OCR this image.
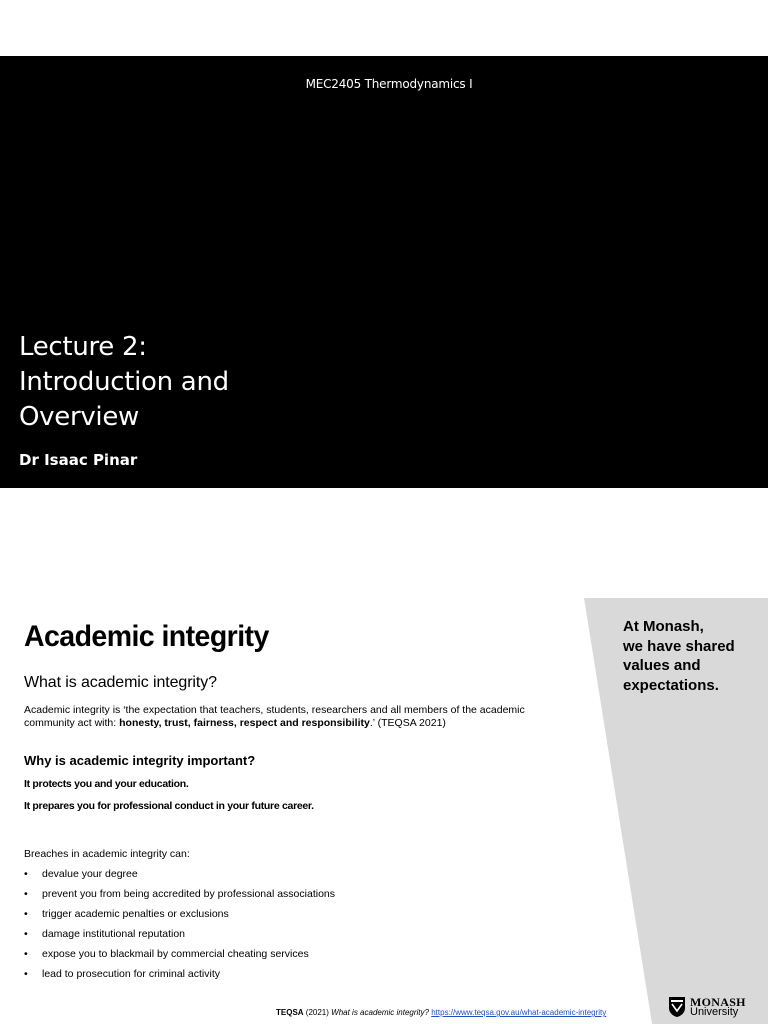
MEC2405 Thermodynamics I
Lecture 2:
Introduction and
Overview
Dr Isaac Pinar
At Monash,
we have shared
values and
expectations.
Academic integrity
What is academic integrity?

Academic integrity is ‘the expectation that teachers, students, researchers and all members of the academic community act with: honesty, trust, fairness, respect and responsibility.’ (TEQSA 2021)

Why is academic integrity important?

It protects you and your education.

It prepares you for professional conduct in your future career.

Breaches in academic integrity can:

• devalue your degree
• prevent you from being accredited by professional associations
• trigger academic penalties or exclusions
• damage institutional reputation
• expose you to blackmail by commercial cheating services
• lead to prosecution for criminal activity
TEQSA (2021) What is academic integrity? https://www.teqsa.gov.au/what-academic-integrity
MONASH
University
